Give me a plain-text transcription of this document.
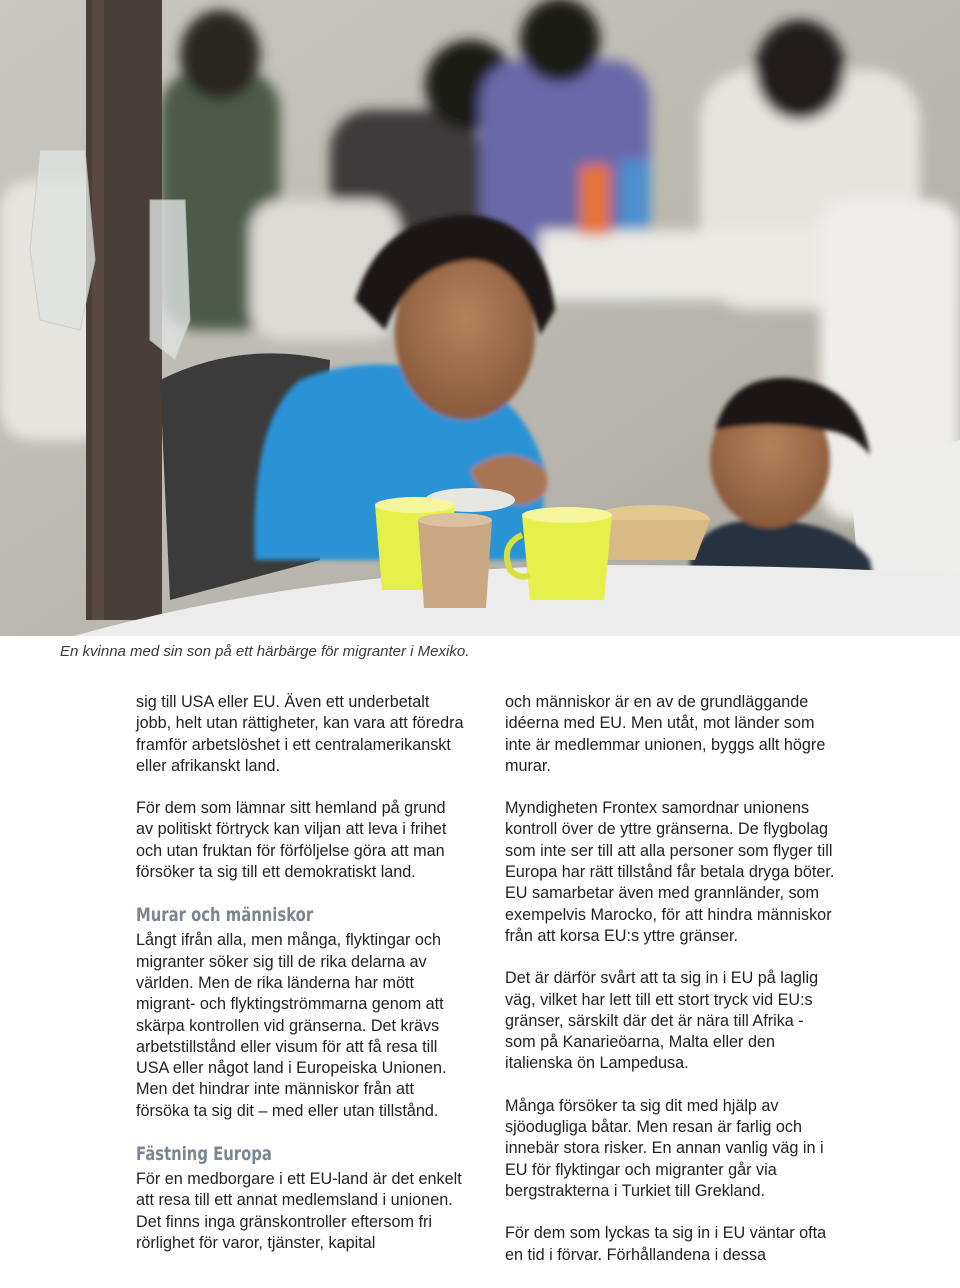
En kvinna med sin son på ett härbärge för migranter i Mexiko.

sig till USA eller EU. Även ett underbetalt jobb, helt utan rättigheter, kan vara att föredra framför arbetslöshet i ett centralamerikanskt eller afrikanskt land.

För dem som lämnar sitt hemland på grund av politiskt förtryck kan viljan att leva i frihet och utan fruktan för förföljelse göra att man försöker ta sig till ett demokratiskt land.

Murar och människor

Långt ifrån alla, men många, flyktingar och migranter söker sig till de rika delarna av världen. Men de rika länderna har mött migrant- och flyktingströmmarna genom att skärpa kontrollen vid gränserna. Det krävs arbetstillstånd eller visum för att få resa till USA eller något land i Europeiska Unionen. Men det hindrar inte människor från att försöka ta sig dit – med eller utan tillstånd.

Fästning Europa

För en medborgare i ett EU-land är det enkelt att resa till ett annat medlemsland i unionen. Det finns inga gränskontroller eftersom fri rörlighet för varor, tjänster, kapital

och människor är en av de grundläggande idéerna med EU. Men utåt, mot länder som inte är medlemmar unionen, byggs allt högre murar.

Myndigheten Frontex samordnar unionens kontroll över de yttre gränserna. De flygbolag som inte ser till att alla personer som flyger till Europa har rätt tillstånd får betala dryga böter. EU samarbetar även med grannländer, som exempelvis Marocko, för att hindra människor från att korsa EU:s yttre gränser.

Det är därför svårt att ta sig in i EU på laglig väg, vilket har lett till ett stort tryck vid EU:s gränser, särskilt där det är nära till Afrika - som på Kanarieöarna, Malta eller den italienska ön Lampedusa.

Många försöker ta sig dit med hjälp av sjöodugliga båtar. Men resan är farlig och innebär stora risker. En annan vanlig väg in i EU för flyktingar och migranter går via bergstrakterna i Turkiet till Grekland.

För dem som lyckas ta sig in i EU väntar ofta en tid i förvar. Förhållandena i dessa
